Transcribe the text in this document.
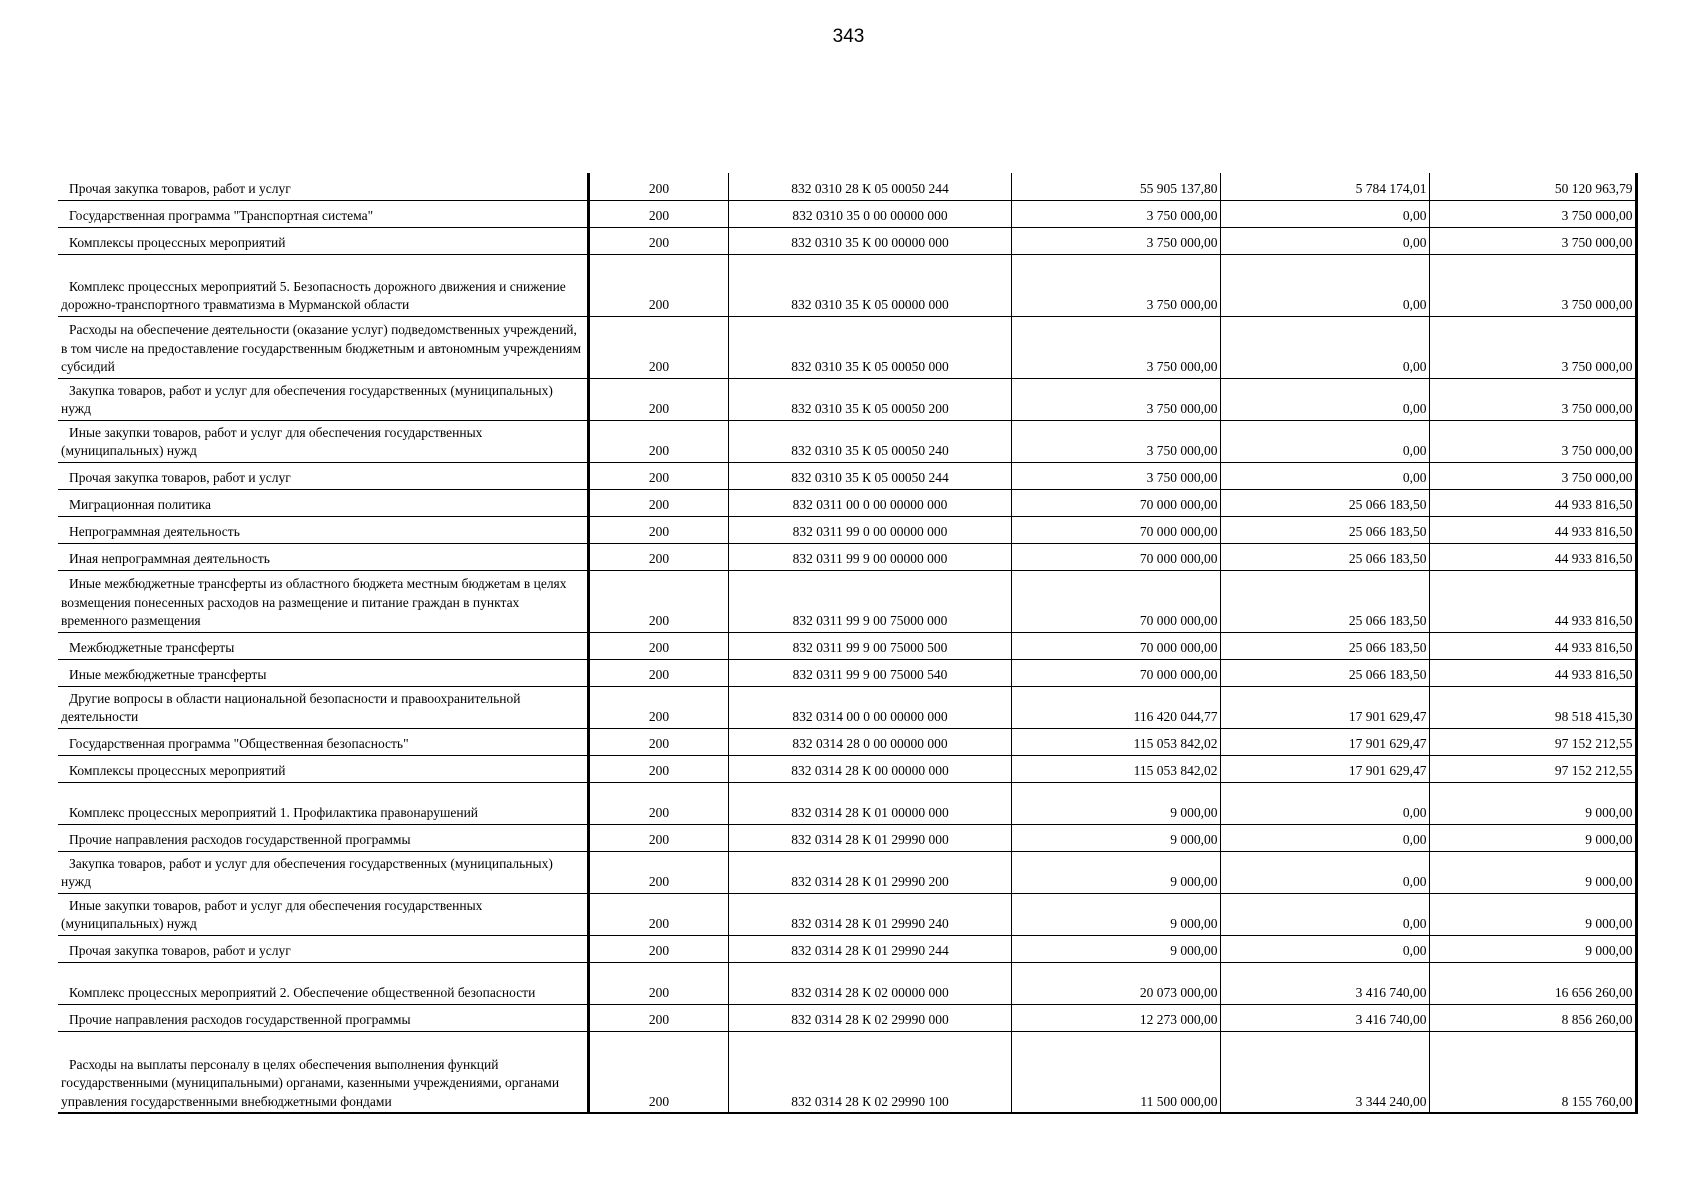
343
Прочая закупка товаров, работ и услуг	200	832 0310 28 К 05 00050 244	55 905 137,80	5 784 174,01	50 120 963,79
Государственная программа "Транспортная система"	200	832 0310 35 0 00 00000 000	3 750 000,00	0,00	3 750 000,00
Комплексы процессных мероприятий	200	832 0310 35 К 00 00000 000	3 750 000,00	0,00	3 750 000,00
Комплекс процессных мероприятий 5. Безопасность дорожного движения и снижение дорожно-транспортного травматизма в Мурманской области	200	832 0310 35 К 05 00000 000	3 750 000,00	0,00	3 750 000,00
Расходы на обеспечение деятельности (оказание услуг) подведомственных учреждений, в том числе на предоставление государственным бюджетным и автономным учреждениям субсидий	200	832 0310 35 К 05 00050 000	3 750 000,00	0,00	3 750 000,00
Закупка товаров, работ и услуг для обеспечения государственных (муниципальных) нужд	200	832 0310 35 К 05 00050 200	3 750 000,00	0,00	3 750 000,00
Иные закупки товаров, работ и услуг для обеспечения государственных (муниципальных) нужд	200	832 0310 35 К 05 00050 240	3 750 000,00	0,00	3 750 000,00
Прочая закупка товаров, работ и услуг	200	832 0310 35 К 05 00050 244	3 750 000,00	0,00	3 750 000,00
Миграционная политика	200	832 0311 00 0 00 00000 000	70 000 000,00	25 066 183,50	44 933 816,50
Непрограммная деятельность	200	832 0311 99 0 00 00000 000	70 000 000,00	25 066 183,50	44 933 816,50
Иная непрограммная деятельность	200	832 0311 99 9 00 00000 000	70 000 000,00	25 066 183,50	44 933 816,50
Иные межбюджетные трансферты из областного бюджета местным бюджетам в целях возмещения понесенных расходов на размещение и питание граждан в пунктах временного размещения	200	832 0311 99 9 00 75000 000	70 000 000,00	25 066 183,50	44 933 816,50
Межбюджетные трансферты	200	832 0311 99 9 00 75000 500	70 000 000,00	25 066 183,50	44 933 816,50
Иные межбюджетные трансферты	200	832 0311 99 9 00 75000 540	70 000 000,00	25 066 183,50	44 933 816,50
Другие вопросы в области национальной безопасности и правоохранительной деятельности	200	832 0314 00 0 00 00000 000	116 420 044,77	17 901 629,47	98 518 415,30
Государственная программа "Общественная безопасность"	200	832 0314 28 0 00 00000 000	115 053 842,02	17 901 629,47	97 152 212,55
Комплексы процессных мероприятий	200	832 0314 28 К 00 00000 000	115 053 842,02	17 901 629,47	97 152 212,55
Комплекс процессных мероприятий 1. Профилактика правонарушений	200	832 0314 28 К 01 00000 000	9 000,00	0,00	9 000,00
Прочие направления расходов государственной программы	200	832 0314 28 К 01 29990 000	9 000,00	0,00	9 000,00
Закупка товаров, работ и услуг для обеспечения государственных (муниципальных) нужд	200	832 0314 28 К 01 29990 200	9 000,00	0,00	9 000,00
Иные закупки товаров, работ и услуг для обеспечения государственных (муниципальных) нужд	200	832 0314 28 К 01 29990 240	9 000,00	0,00	9 000,00
Прочая закупка товаров, работ и услуг	200	832 0314 28 К 01 29990 244	9 000,00	0,00	9 000,00
Комплекс процессных мероприятий 2. Обеспечение общественной безопасности	200	832 0314 28 К 02 00000 000	20 073 000,00	3 416 740,00	16 656 260,00
Прочие направления расходов государственной программы	200	832 0314 28 К 02 29990 000	12 273 000,00	3 416 740,00	8 856 260,00
Расходы на выплаты персоналу в целях обеспечения выполнения функций государственными (муниципальными) органами, казенными учреждениями, органами управления государственными внебюджетными фондами	200	832 0314 28 К 02 29990 100	11 500 000,00	3 344 240,00	8 155 760,00
